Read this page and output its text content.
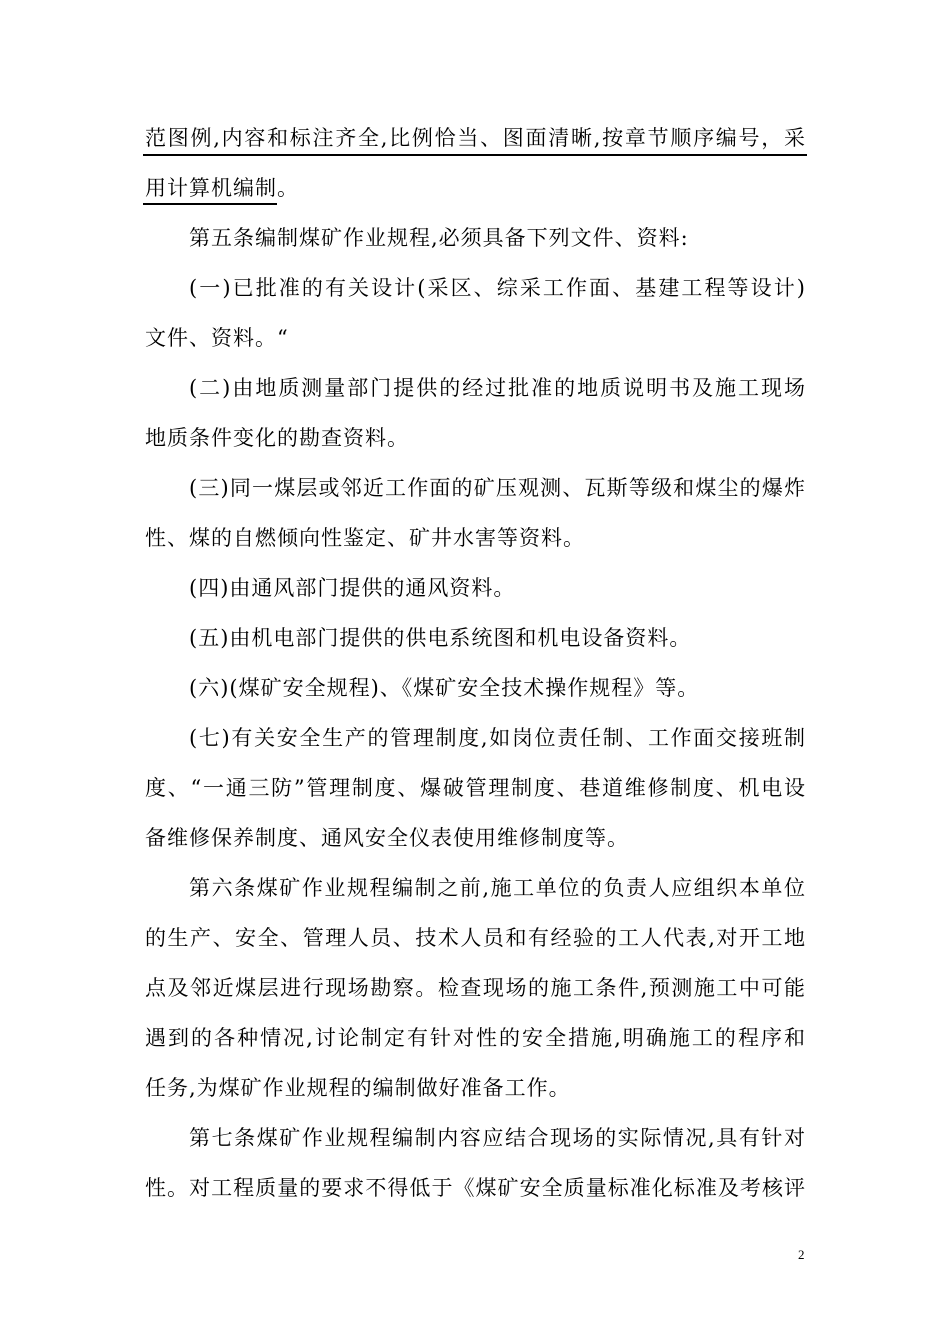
范图例,内容和标注齐全,比例恰当、图面清晰,按章节顺序编号，采
用计算机编制。
第五条编制煤矿作业规程,必须具备下列文件、资料:
(一)已批准的有关设计(采区、综采工作面、基建工程等设计)
文件、资料。“
(二)由地质测量部门提供的经过批准的地质说明书及施工现场
地质条件变化的勘查资料。
(三)同一煤层或邻近工作面的矿压观测、瓦斯等级和煤尘的爆炸
性、煤的自燃倾向性鉴定、矿井水害等资料。
(四)由通风部门提供的通风资料。
(五)由机电部门提供的供电系统图和机电设备资料。
(六)(煤矿安全规程)、《煤矿安全技术操作规程》等。
(七)有关安全生产的管理制度,如岗位责任制、工作面交接班制
度、“一通三防”管理制度、爆破管理制度、巷道维修制度、机电设
备维修保养制度、通风安全仪表使用维修制度等。
第六条煤矿作业规程编制之前,施工单位的负责人应组织本单位
的生产、安全、管理人员、技术人员和有经验的工人代表,对开工地
点及邻近煤层进行现场勘察。检查现场的施工条件,预测施工中可能
遇到的各种情况,讨论制定有针对性的安全措施,明确施工的程序和
任务,为煤矿作业规程的编制做好准备工作。
第七条煤矿作业规程编制内容应结合现场的实际情况,具有针对
性。对工程质量的要求不得低于《煤矿安全质量标准化标准及考核评
2
